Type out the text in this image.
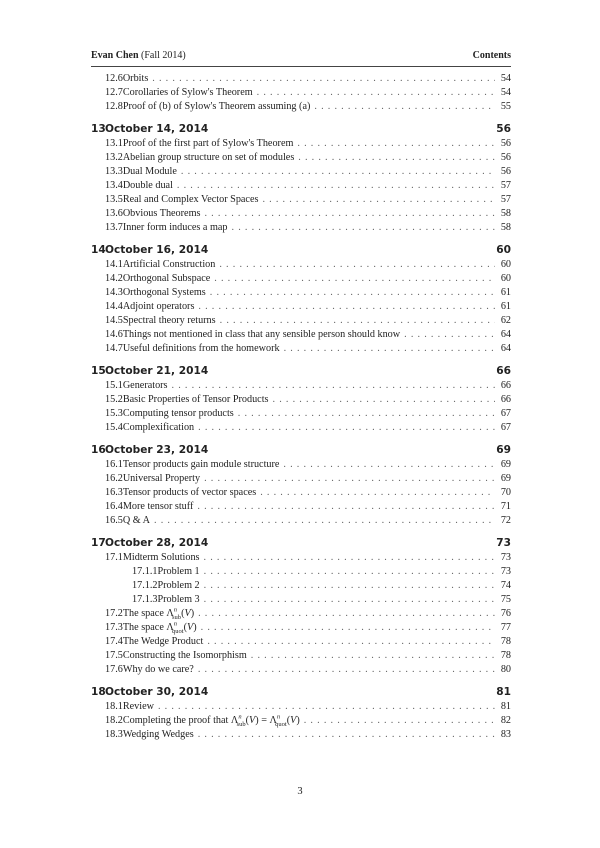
Evan Chen (Fall 2014)	Contents
12.6 Orbits . . .	54
12.7 Corollaries of Sylow's Theorem . . .	54
12.8 Proof of (b) of Sylow's Theorem assuming (a) . . .	55
13 October 14, 2014	56
13.1 Proof of the first part of Sylow's Theorem . . .	56
13.2 Abelian group structure on set of modules . . .	56
13.3 Dual Module . . .	56
13.4 Double dual . . .	57
13.5 Real and Complex Vector Spaces . . .	57
13.6 Obvious Theorems . . .	58
13.7 Inner form induces a map . . .	58
14 October 16, 2014	60
14.1 Artificial Construction . . .	60
14.2 Orthogonal Subspace . . .	60
14.3 Orthogonal Systems . . .	61
14.4 Adjoint operators . . .	61
14.5 Spectral theory returns . . .	62
14.6 Things not mentioned in class that any sensible person should know . . .	64
14.7 Useful definitions from the homework . . .	64
15 October 21, 2014	66
15.1 Generators . . .	66
15.2 Basic Properties of Tensor Products . . .	66
15.3 Computing tensor products . . .	67
15.4 Complexification . . .	67
16 October 23, 2014	69
16.1 Tensor products gain module structure . . .	69
16.2 Universal Property . . .	69
16.3 Tensor products of vector spaces . . .	70
16.4 More tensor stuff . . .	71
16.5 Q & A . . .	72
17 October 28, 2014	73
17.1 Midterm Solutions . . .	73
17.1.1 Problem 1 . . .	73
17.1.2 Problem 2 . . .	74
17.1.3 Problem 3 . . .	75
17.2 The space $\Lambda^n_{sub}(V)$ . . .	76
17.3 The space $\Lambda^n_{quot}(V)$ . . .	77
17.4 The Wedge Product . . .	78
17.5 Constructing the Isomorphism . . .	78
17.6 Why do we care? . . .	80
18 October 30, 2014	81
18.1 Review . . .	81
18.2 Completing the proof that $\Lambda^n_{sub}(V) = \Lambda^n_{quot}(V)$ . . .	82
18.3 Wedging Wedges . . .	83
3
